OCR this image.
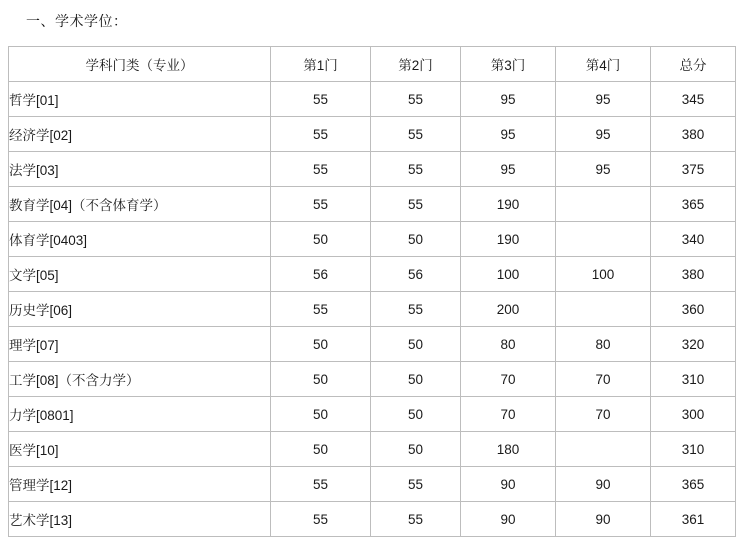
一、学术学位：
学科门类（专业）	第1门	第2门	第3门	第4门	总分
哲学[01]	55	55	95	95	345
经济学[02]	55	55	95	95	380
法学[03]	55	55	95	95	375
教育学[04]（不含体育学）	55	55	190		365
体育学[0403]	50	50	190		340
文学[05]	56	56	100	100	380
历史学[06]	55	55	200		360
理学[07]	50	50	80	80	320
工学[08]（不含力学）	50	50	70	70	310
力学[0801]	50	50	70	70	300
医学[10]	50	50	180		310
管理学[12]	55	55	90	90	365
艺术学[13]	55	55	90	90	361
